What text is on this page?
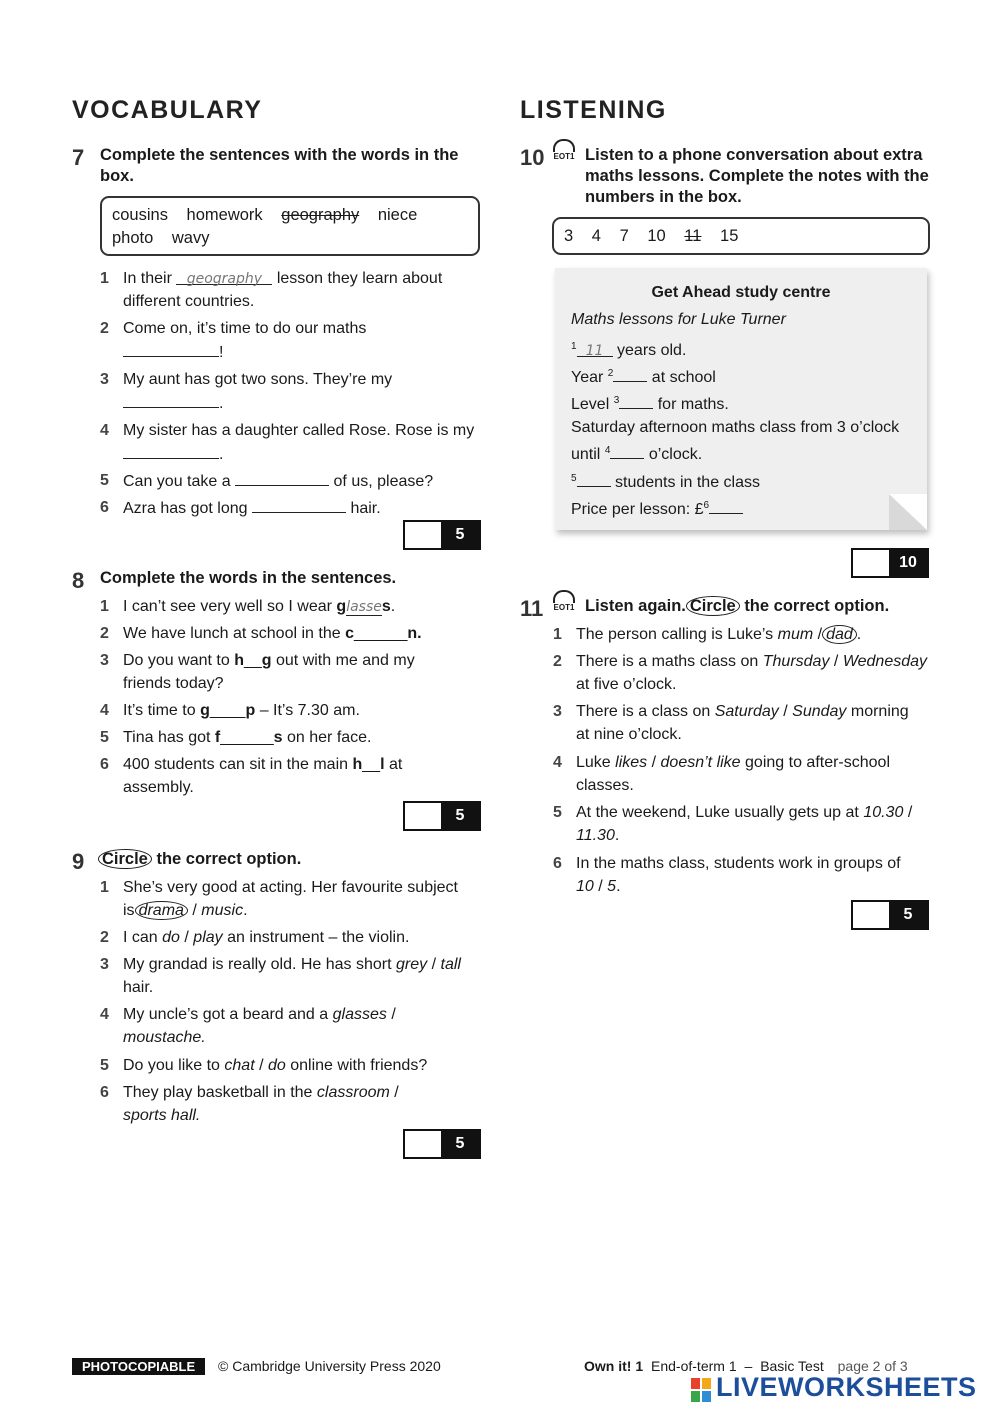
VOCABULARY
7 Complete the sentences with the words in the box.
cousins homework geography niece
photo wavy
1 In their geography lesson they learn about
different countries.
2 Come on, it’s time to do our maths
!
3 My aunt has got two sons. They’re my
.
4 My sister has a daughter called Rose. Rose is my
.
5 Can you take a	of us, please?
6 Azra has got long	hair.
5
8 Complete the words in the sentences.
1 I can’t see very well so I wear glasses.
2 We have lunch at school in the c______n.
3 Do you want to h__g out with me and my
friends today?
4 It’s time to g____p – It’s 7.30 am.
5 Tina has got f______s on her face.
6 400 students can sit in the main h__l at
assembly.
5
9 Circle the correct option.
1 She’s very good at acting. Her favourite subject
is drama / music.
2 I can do / play an instrument – the violin.
3 My grandad is really old. He has short grey / tall
hair.
4 My uncle’s got a beard and a glasses /
moustache.
5 Do you like to chat / do online with friends?
6 They play basketball in the classroom /
sports hall.
5
LISTENING
10 EOT1 Listen to a phone conversation about extra maths lessons. Complete the notes with the numbers in the box.
3 4 7 10 11 15
Get Ahead study centre
Maths lessons for Luke Turner
$^1$ 11 years old.
Year $^2$ at school
Level $^3$ for maths.
Saturday afternoon maths class from 3 o’clock
until $^4$ o’clock.
$^5$ students in the class
Price per lesson: £$^6$
10
11 EOT1 Listen again. Circle the correct option.
1 The person calling is Luke’s mum / dad .
2 There is a maths class on Thursday / Wednesday
at five o’clock.
3 There is a class on Saturday / Sunday morning
at nine o’clock.
4 Luke likes / doesn’t like going to after-school
classes.
5 At the weekend, Luke usually gets up at 10.30 /
11.30.
6 In the maths class, students work in groups of
10 / 5.
5
PHOTOCOPIABLE	© Cambridge University Press 2020	Own it! 1 End-of-term 1 – Basic Test page 2 of 3
LIVEWORKSHEETS
